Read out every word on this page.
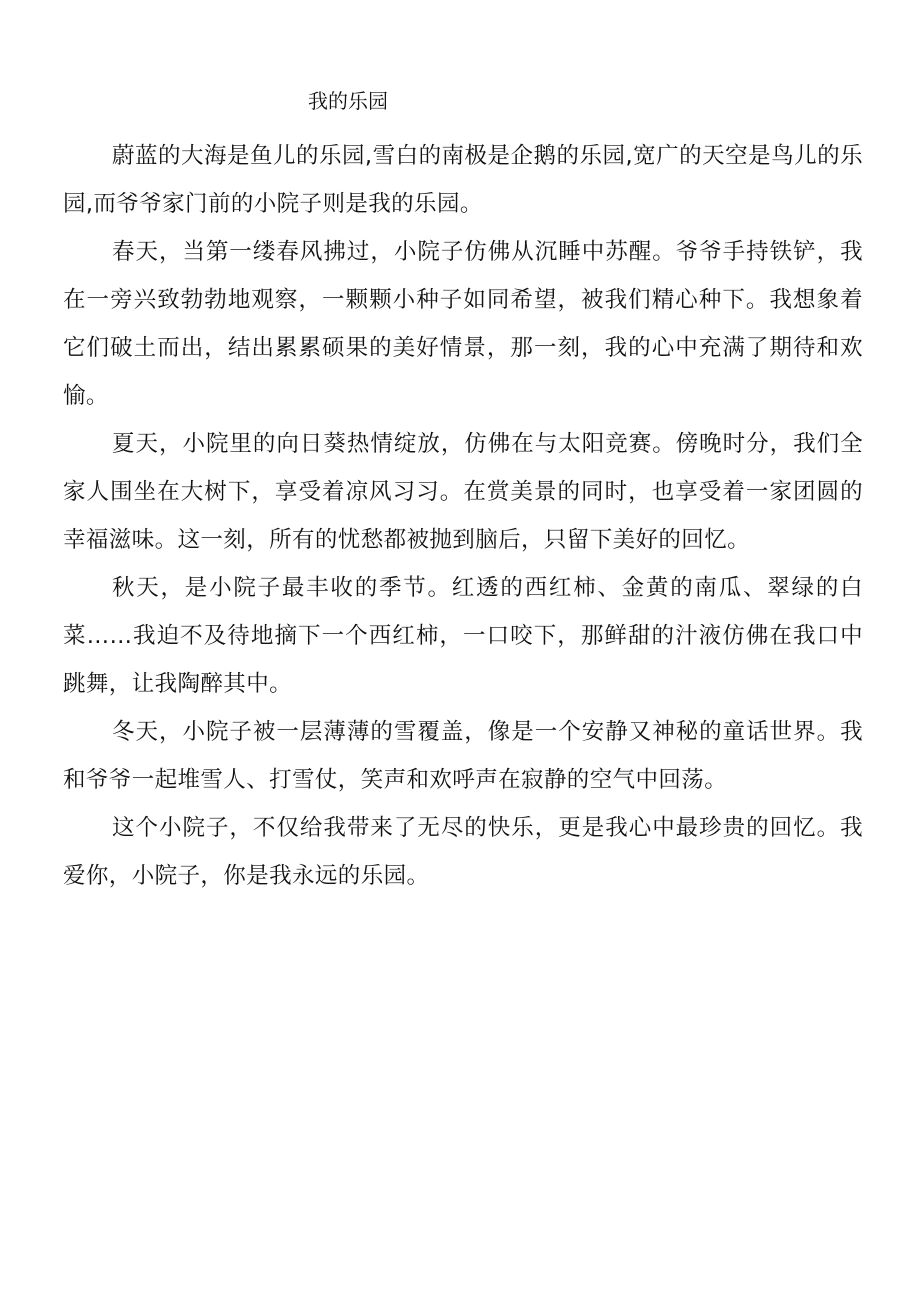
我的乐园

蔚蓝的大海是鱼儿的乐园,雪白的南极是企鹅的乐园,宽广的天空是鸟儿的乐园,而爷爷家门前的小院子则是我的乐园。

春天，当第一缕春风拂过，小院子仿佛从沉睡中苏醒。爷爷手持铁铲，我在一旁兴致勃勃地观察，一颗颗小种子如同希望，被我们精心种下。我想象着它们破土而出，结出累累硕果的美好情景，那一刻，我的心中充满了期待和欢愉。

夏天，小院里的向日葵热情绽放，仿佛在与太阳竞赛。傍晚时分，我们全家人围坐在大树下，享受着凉风习习。在赏美景的同时，也享受着一家团圆的幸福滋味。这一刻，所有的忧愁都被抛到脑后，只留下美好的回忆。

秋天，是小院子最丰收的季节。红透的西红柿、金黄的南瓜、翠绿的白菜……我迫不及待地摘下一个西红柿，一口咬下，那鲜甜的汁液仿佛在我口中跳舞，让我陶醉其中。

冬天，小院子被一层薄薄的雪覆盖，像是一个安静又神秘的童话世界。我和爷爷一起堆雪人、打雪仗，笑声和欢呼声在寂静的空气中回荡。

这个小院子，不仅给我带来了无尽的快乐，更是我心中最珍贵的回忆。我爱你，小院子，你是我永远的乐园。
